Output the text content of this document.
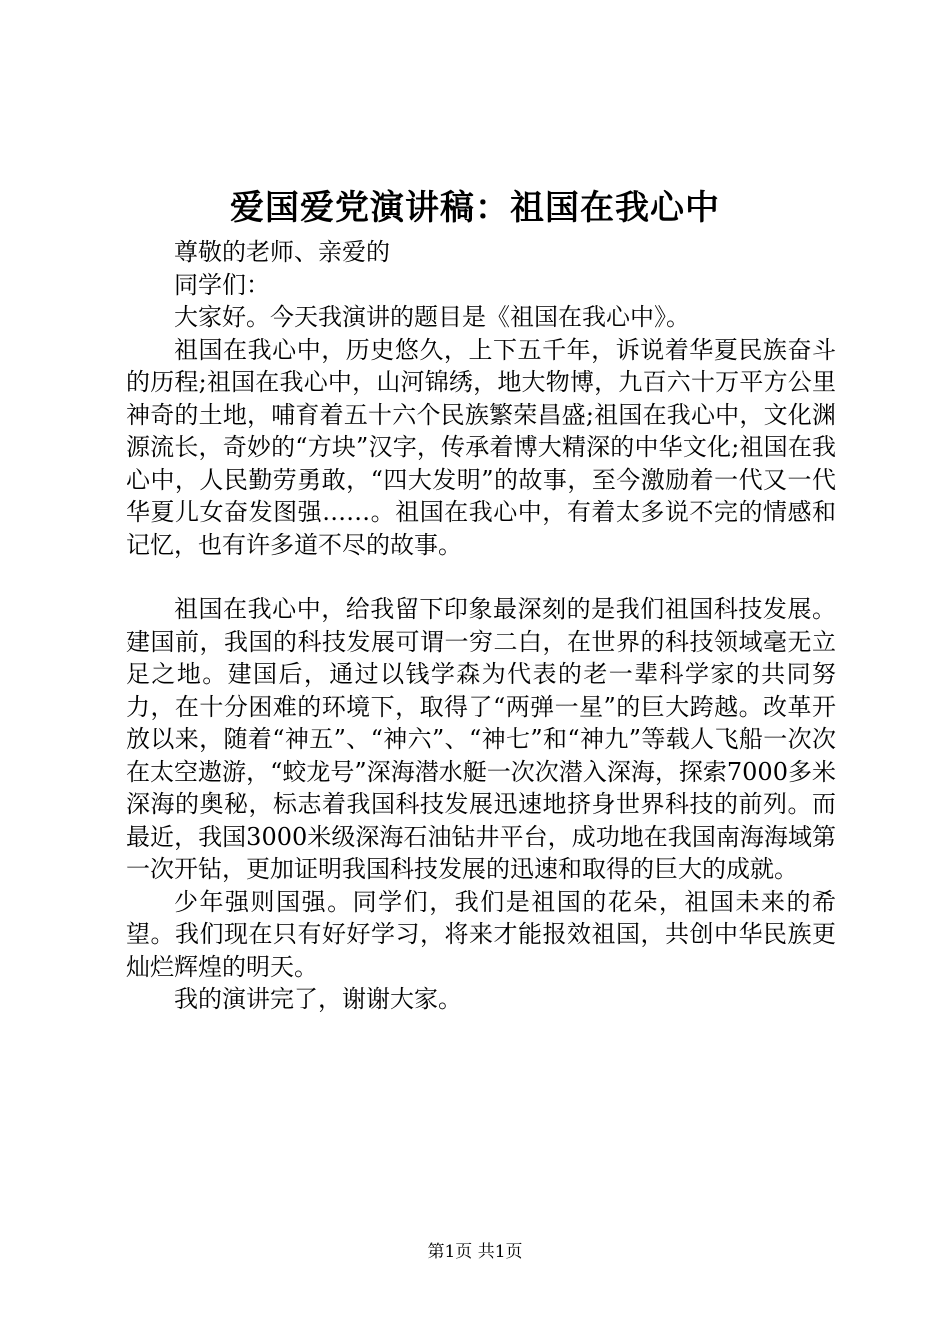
爱国爱党演讲稿：祖国在我心中

尊敬的老师、亲爱的

同学们：

大家好。今天我演讲的题目是《祖国在我心中》。

祖国在我心中，历史悠久，上下五千年，诉说着华夏民族奋斗的历程;祖国在我心中，山河锦绣，地大物博，九百六十万平方公里神奇的土地，哺育着五十六个民族繁荣昌盛;祖国在我心中，文化渊源流长，奇妙的“方块”汉字，传承着博大精深的中华文化;祖国在我心中，人民勤劳勇敢，“四大发明”的故事，至今激励着一代又一代华夏儿女奋发图强……。祖国在我心中，有着太多说不完的情感和记忆，也有许多道不尽的故事。

祖国在我心中，给我留下印象最深刻的是我们祖国科技发展。建国前，我国的科技发展可谓一穷二白，在世界的科技领域毫无立足之地。建国后，通过以钱学森为代表的老一辈科学家的共同努力，在十分困难的环境下，取得了“两弹一星”的巨大跨越。改革开放以来，随着“神五”、“神六”、“神七”和“神九”等载人飞船一次次在太空遨游，“蛟龙号”深海潜水艇一次次潜入深海，探索7000多米深海的奥秘，标志着我国科技发展迅速地挤身世界科技的前列。而最近，我国3000米级深海石油钻井平台，成功地在我国南海海域第一次开钻，更加证明我国科技发展的迅速和取得的巨大的成就。

少年强则国强。同学们，我们是祖国的花朵，祖国未来的希望。我们现在只有好好学习，将来才能报效祖国，共创中华民族更灿烂辉煌的明天。

我的演讲完了，谢谢大家。

第1页 共1页
